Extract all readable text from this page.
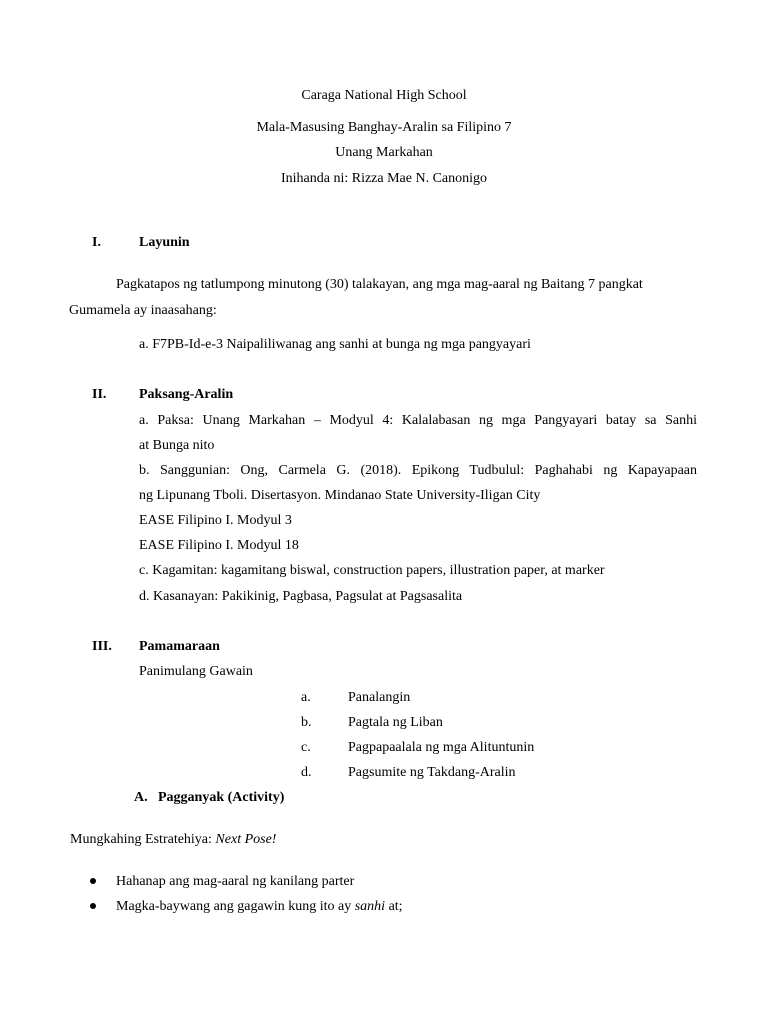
Caraga National High School
Mala-Masusing Banghay-Aralin sa Filipino 7
Unang Markahan
Inihanda ni: Rizza Mae N. Canonigo
I.	Layunin
Pagkatapos ng tatlumpong minutong (30) talakayan, ang mga mag-aaral ng Baitang 7 pangkat
Gumamela ay inaasahang:
a. F7PB-Id-e-3 Naipaliliwanag ang sanhi at bunga ng mga pangyayari
II. Paksang-Aralin
a. Paksa: Unang Markahan – Modyul 4: Kalalabasan ng mga Pangyayari batay sa Sanhi
at Bunga nito
b. Sanggunian: Ong, Carmela G. (2018). Epikong Tudbulul: Paghahabi ng Kapayapaan
ng Lipunang Tboli. Disertasyon. Mindanao State University-Iligan City
EASE Filipino I. Modyul 3
EASE Filipino I. Modyul 18
c. Kagamitan: kagamitang biswal, construction papers, illustration paper, at marker
d. Kasanayan: Pakikinig, Pagbasa, Pagsulat at Pagsasalita
III. Pamamaraan
Panimulang Gawain
a.	Panalangin
b.	Pagtala ng Liban
c.	Pagpapaalala ng mga Alituntunin
d.	Pagsumite ng Takdang-Aralin
A. Pagganyak (Activity)
Mungkahing Estratehiya: Next Pose!
Hahanap ang mag-aaral ng kanilang parter
Magka-baywang ang gagawin kung ito ay sanhi at;
